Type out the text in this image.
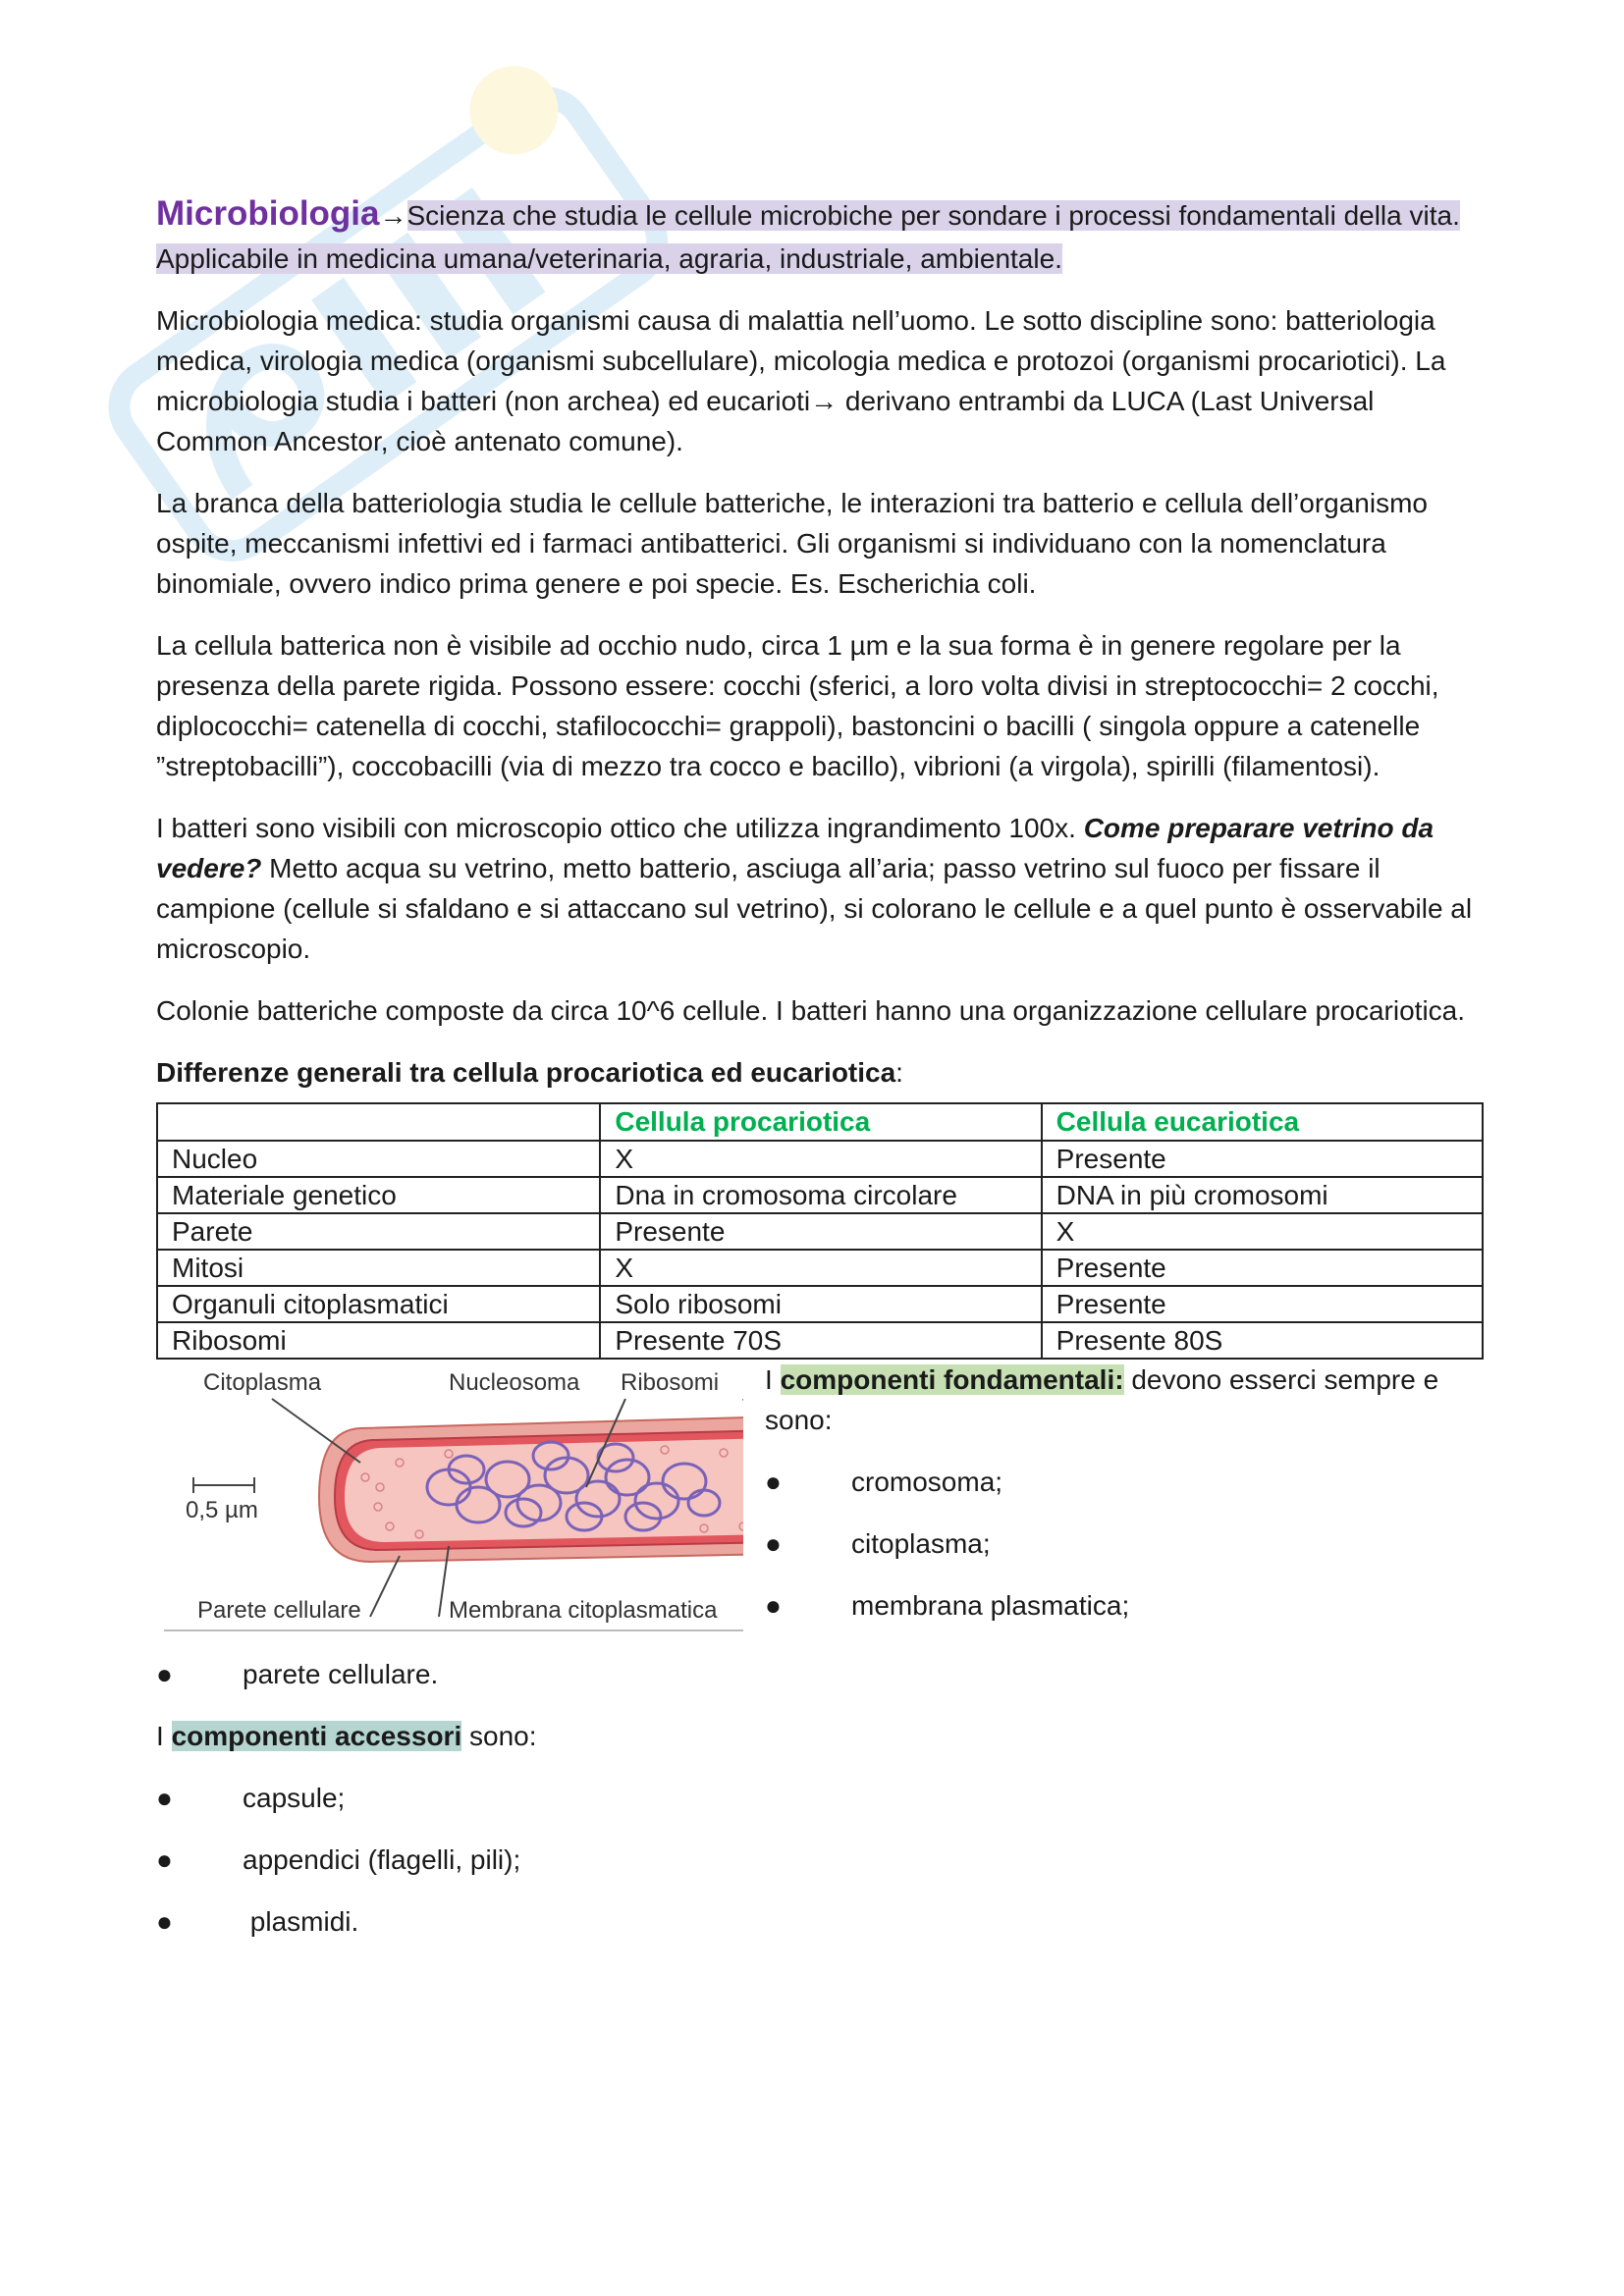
Microbiologia→Scienza che studia le cellule microbiche per sondare i processi fondamentali della vita.
Applicabile in medicina umana/veterinaria, agraria, industriale, ambientale.

Microbiologia medica: studia organismi causa di malattia nell’uomo. Le sotto discipline sono: batteriologia medica, virologia medica (organismi subcellulare), micologia medica e protozoi (organismi procariotici). La microbiologia studia i batteri (non archea) ed eucarioti→ derivano entrambi da LUCA (Last Universal Common Ancestor, cioè antenato comune).

La branca della batteriologia studia le cellule batteriche, le interazioni tra batterio e cellula dell’organismo ospite, meccanismi infettivi ed i farmaci antibatterici. Gli organismi si individuano con la nomenclatura binomiale, ovvero indico prima genere e poi specie. Es. Escherichia coli.

La cellula batterica non è visibile ad occhio nudo, circa 1 µm e la sua forma è in genere regolare per la presenza della parete rigida. Possono essere: cocchi (sferici, a loro volta divisi in streptococchi= 2 cocchi, diplococchi= catenella di cocchi, stafilococchi= grappoli), bastoncini o bacilli ( singola oppure a catenelle ”streptobacilli”), coccobacilli (via di mezzo tra cocco e bacillo), vibrioni (a virgola), spirilli (filamentosi).

I batteri sono visibili con microscopio ottico che utilizza ingrandimento 100x. Come preparare vetrino da vedere? Metto acqua su vetrino, metto batterio, asciuga all’aria; passo vetrino sul fuoco per fissare il campione (cellule si sfaldano e si attaccano sul vetrino), si colorano le cellule e a quel punto è osservabile al microscopio.

Colonie batteriche composte da circa 10^6 cellule. I batteri hanno una organizzazione cellulare procariotica.

Differenze generali tra cellula procariotica ed eucariotica:

	Cellula procariotica	Cellula eucariotica
Nucleo	X	Presente
Materiale genetico	Dna in cromosoma circolare	DNA in più cromosomi
Parete	Presente	X
Mitosi	X	Presente
Organuli citoplasmatici	Solo ribosomi	Presente
Ribosomi	Presente 70S	Presente 80S
Citoplasma	Nucleosoma Ribosomi
0,5 µm
Parete cellulare	Membrana citoplasmatica

I componenti fondamentali: devono esserci sempre e sono:

●	cromosoma;
●	citoplasma;
●	membrana plasmatica;
●	parete cellulare.

I componenti accessori sono:

●	capsule;
●	appendici (flagelli, pili);
●	plasmidi.
